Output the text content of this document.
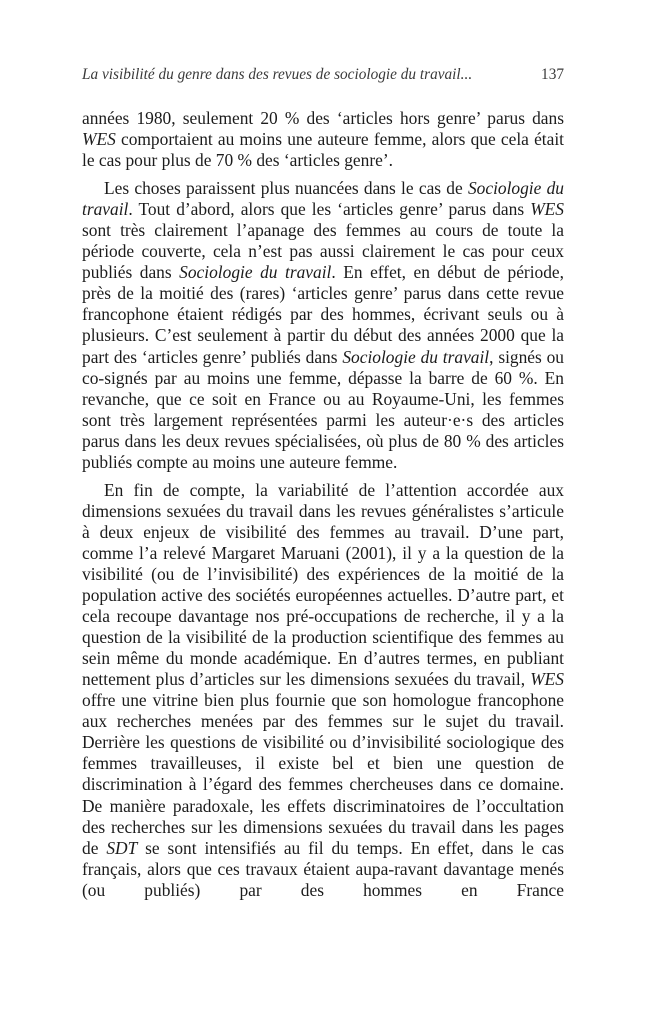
La visibilité du genre dans des revues de sociologie du travail...	137

années 1980, seulement 20 % des ‘articles hors genre’ parus dans WES comportaient au moins une auteure femme, alors que cela était le cas pour plus de 70 % des ‘articles genre’.

Les choses paraissent plus nuancées dans le cas de Sociologie du travail. Tout d’abord, alors que les ‘articles genre’ parus dans WES sont très clairement l’apanage des femmes au cours de toute la période couverte, cela n’est pas aussi clairement le cas pour ceux publiés dans Sociologie du travail. En effet, en début de période, près de la moitié des (rares) ‘articles genre’ parus dans cette revue francophone étaient rédigés par des hommes, écrivant seuls ou à plusieurs. C’est seulement à partir du début des années 2000 que la part des ‘articles genre’ publiés dans Sociologie du travail, signés ou co-signés par au moins une femme, dépasse la barre de 60 %. En revanche, que ce soit en France ou au Royaume-Uni, les femmes sont très largement représentées parmi les auteur·e·s des articles parus dans les deux revues spécialisées, où plus de 80 % des articles publiés compte au moins une auteure femme.

En fin de compte, la variabilité de l’attention accordée aux dimensions sexuées du travail dans les revues généralistes s’articule à deux enjeux de visibilité des femmes au travail. D’une part, comme l’a relevé Margaret Maruani (2001), il y a la question de la visibilité (ou de l’invisibilité) des expériences de la moitié de la population active des sociétés européennes actuelles. D’autre part, et cela recoupe davantage nos pré-occupations de recherche, il y a la question de la visibilité de la production scientifique des femmes au sein même du monde académique. En d’autres termes, en publiant nettement plus d’articles sur les dimensions sexuées du travail, WES offre une vitrine bien plus fournie que son homologue francophone aux recherches menées par des femmes sur le sujet du travail. Derrière les questions de visibilité ou d’invisibilité sociologique des femmes travailleuses, il existe bel et bien une question de discrimination à l’égard des femmes chercheuses dans ce domaine. De manière paradoxale, les effets discriminatoires de l’occultation des recherches sur les dimensions sexuées du travail dans les pages de SDT se sont intensifiés au fil du temps. En effet, dans le cas français, alors que ces travaux étaient aupa-ravant davantage menés (ou publiés) par des hommes en France
